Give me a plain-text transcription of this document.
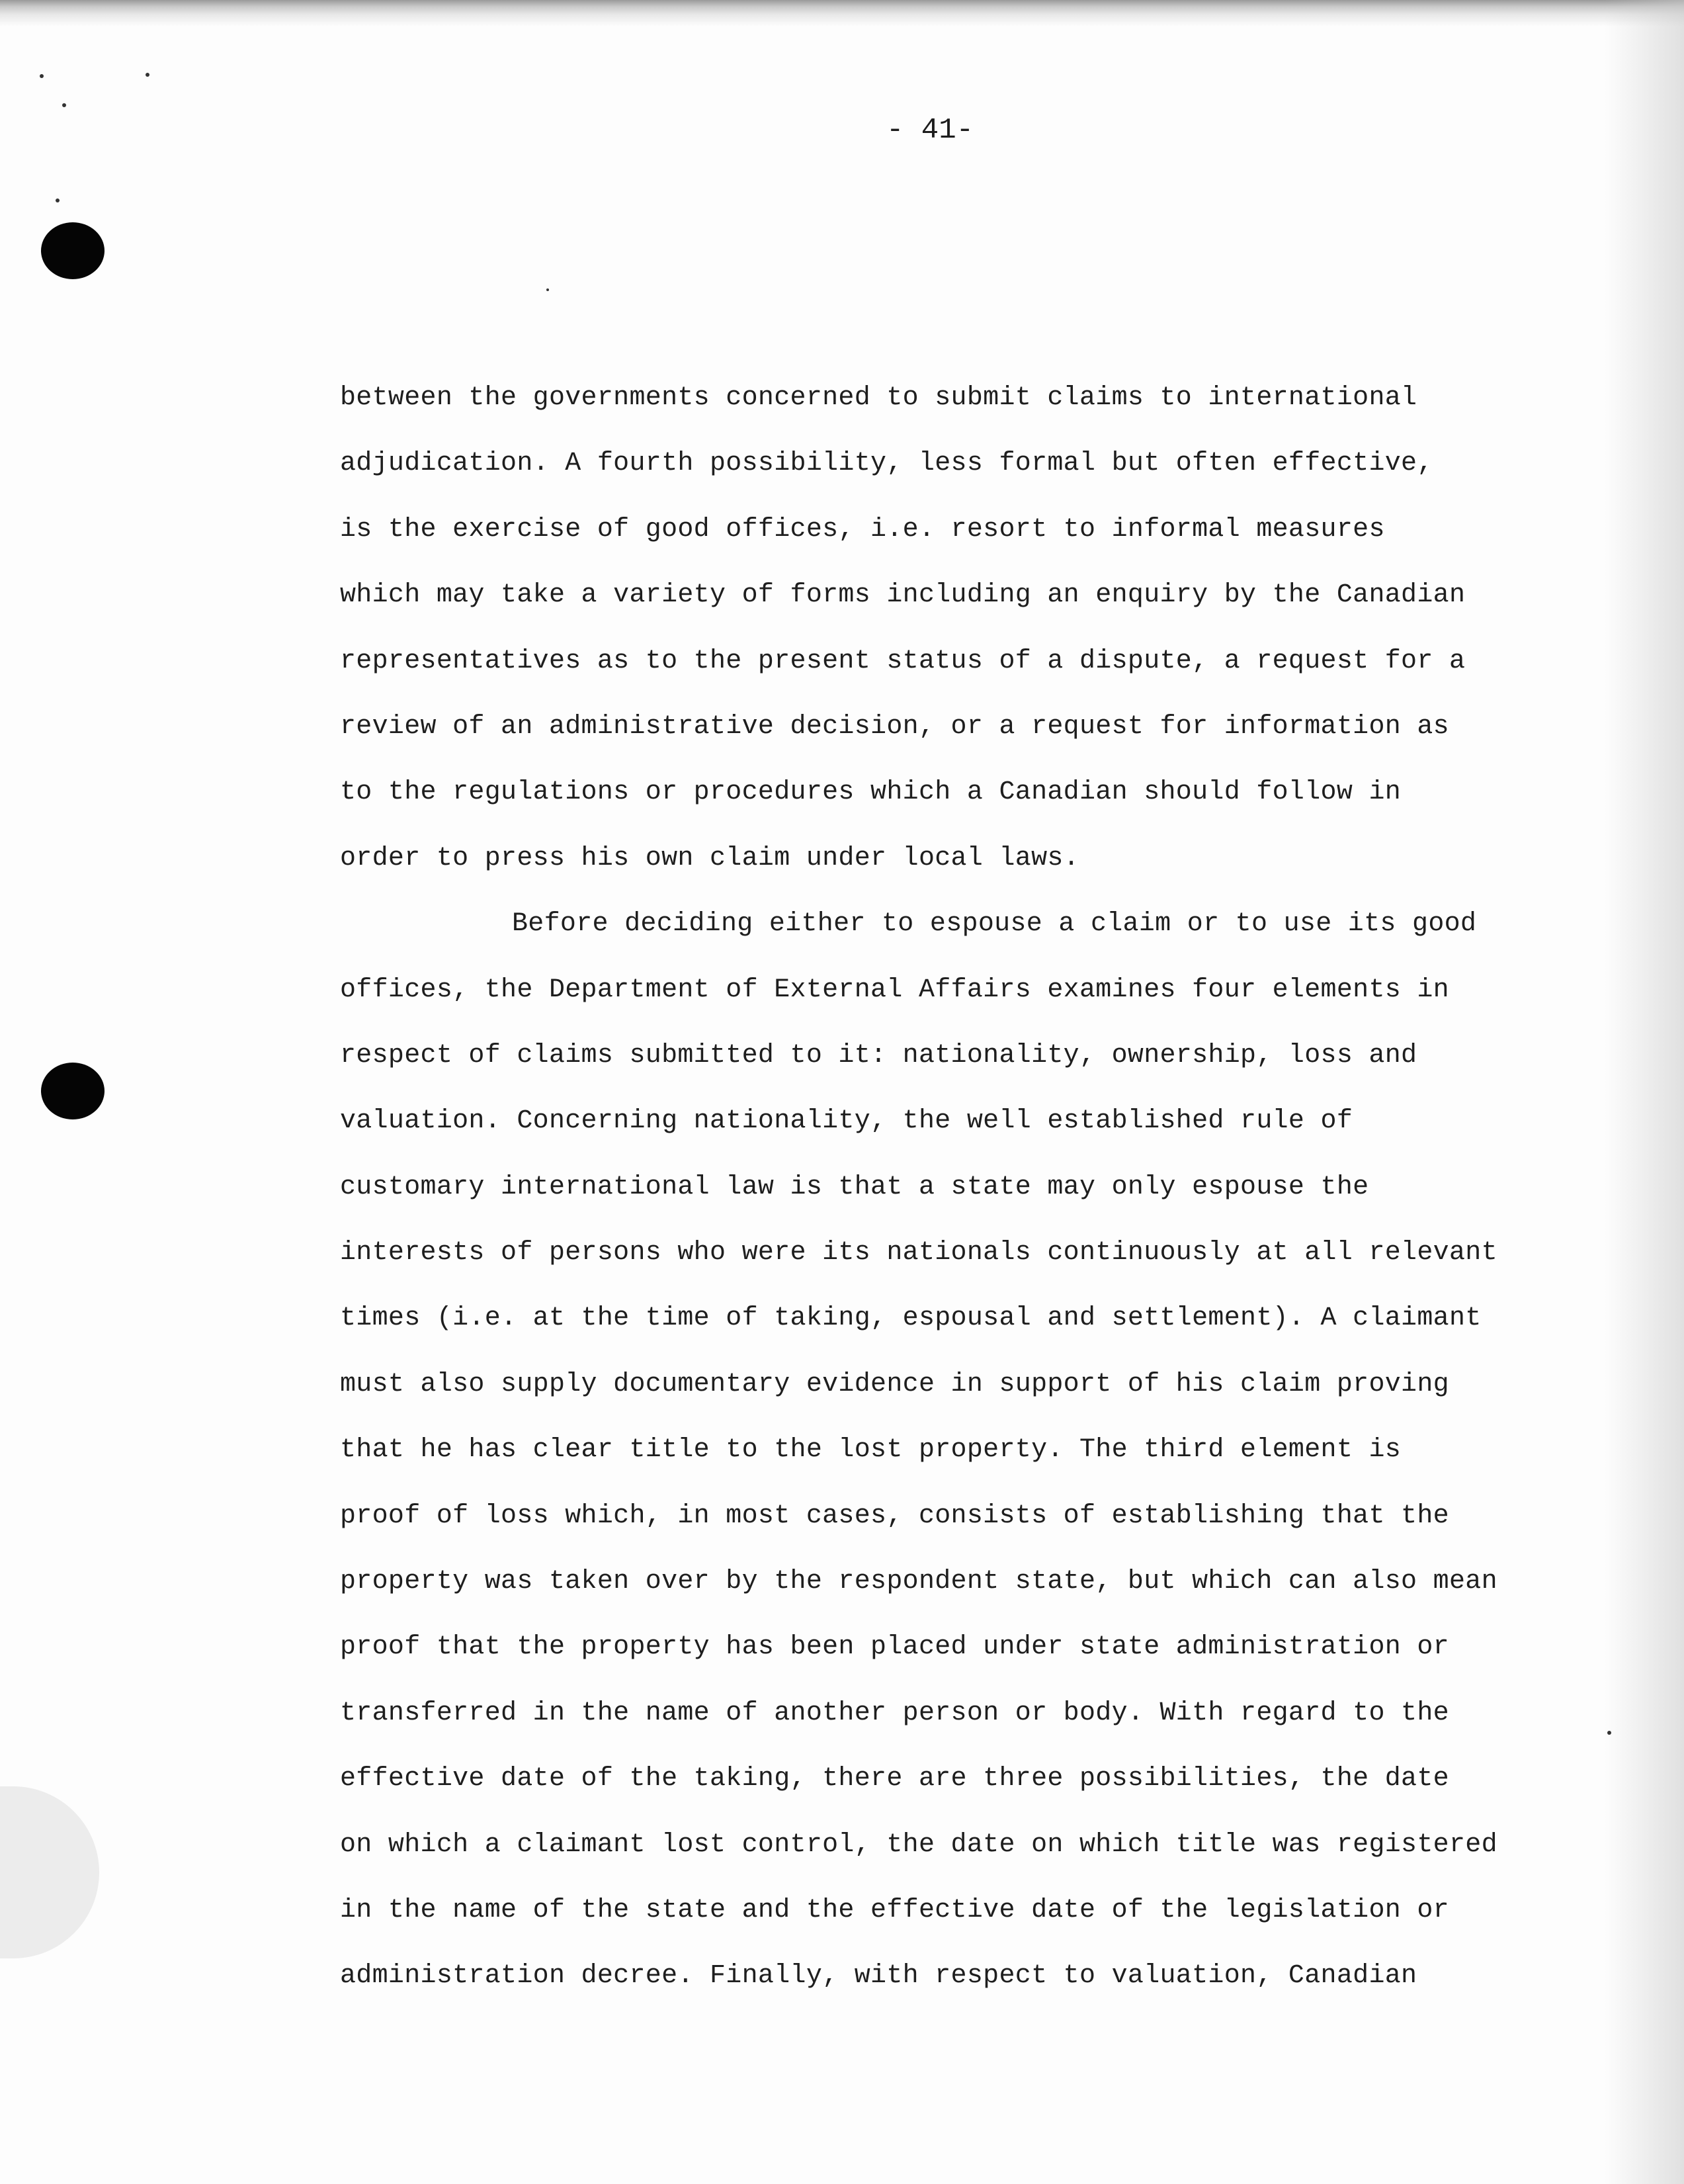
- 41-
between the governments concerned to submit claims to international
adjudication. A fourth possibility, less formal but often effective,
is the exercise of good offices, i.e. resort to informal measures
which may take a variety of forms including an enquiry by the Canadian
representatives as to the present status of a dispute, a request for a
review of an administrative decision, or a request for information as
to the regulations or procedures which a Canadian should follow in
order to press his own claim under local laws.
Before deciding either to espouse a claim or to use its good
offices, the Department of External Affairs examines four elements in
respect of claims submitted to it: nationality, ownership, loss and
valuation. Concerning nationality, the well established rule of
customary international law is that a state may only espouse the
interests of persons who were its nationals continuously at all relevant
times (i.e. at the time of taking, espousal and settlement). A claimant
must also supply documentary evidence in support of his claim proving
that he has clear title to the lost property. The third element is
proof of loss which, in most cases, consists of establishing that the
property was taken over by the respondent state, but which can also mean
proof that the property has been placed under state administration or
transferred in the name of another person or body. With regard to the
effective date of the taking, there are three possibilities, the date
on which a claimant lost control, the date on which title was registered
in the name of the state and the effective date of the legislation or
administration decree. Finally, with respect to valuation, Canadian
